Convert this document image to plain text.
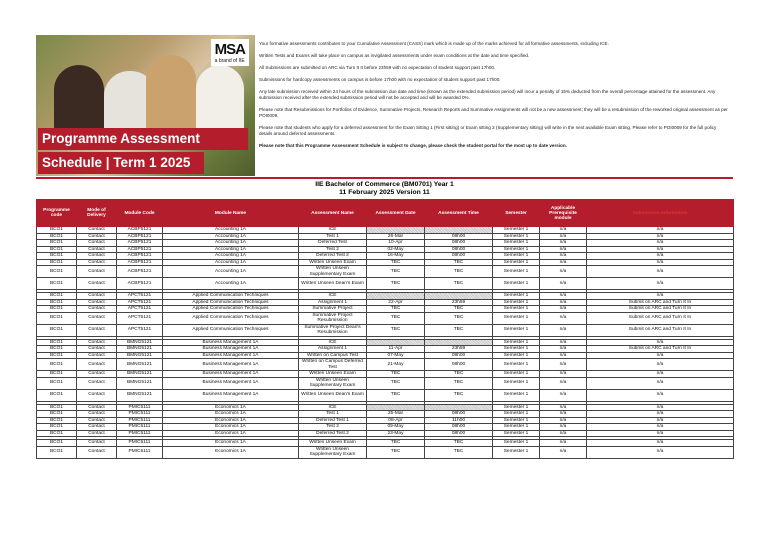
MSA
a brand of IIE
Programme Assessment
Schedule | Term 1 2025

Your formative assessments contributes to your Cumulative Assessment (CASS) mark which is made up of the marks achieved for all formative assessments, including ICE.

Written Tests and Exams will take place on campus as invigilated assessments under exam conditions at the date and time specified.

All Submissions are submitted on ARC via Turn It It before 23h59 with no expectation of student support past 17h00.

Submissions for hardcopy assessments on campus is before 17h00 with no expectation of student support past 17h00.

Any late submission received within 24 hours of the submission due date and time (known as the extended submission period) will incur a penalty of 15% deducted from the overall percentage attained for the assessment. Any submission received after the extended submission period will not be accepted and will be awarded 0%.

Please note that Resubmissions for Portfolios of Evidence, Summative Projects, Research Reports and Summative Assignments will not be a new assessment; they will be a resubmission of the reworked original assessment as per POI0009.

Please note that students who apply for a deferred assessment for the Exam Sitting 1 (First sitting) or Exam sitting 2 (Supplementary sitting) will write in the next available Exam sitting. Please refer to POI0009 for the full policy details around deferred assessments.

Please note that this Programme Assessment Schedule is subject to change, please check the student portal for the most up to date version.

IIE Bachelor of Commerce (BM0701) Year 1
11 February 2025 Version 11
Programme code	Mode of Delivery	Module Code	Module Name	Assessment Name	Assessment Date	Assessment Time	Semester	Applicable Prerequisite module	Submission Information
BCO1	Contact	ACBP5121	Accounting 1A	ICE			Semester 1	n/a	n/a
BCO1	Contact	ACBP5121	Accounting 1A	Test 1	26-Mar	08h00	Semester 1	n/a	n/a
BCO1	Contact	ACBP5121	Accounting 1A	Deferred Test	10-Apr	08h00	Semester 1	n/a	n/a
BCO1	Contact	ACBP5121	Accounting 1A	Test 2	02-May	08h00	Semester 1	n/a	n/a
BCO1	Contact	ACBP5121	Accounting 1A	Deferred Test 2	16-May	08h00	Semester 1	n/a	n/a
BCO1	Contact	ACBP5121	Accounting 1A	Written Unseen Exam	TBC	TBC	Semester 1	n/a	n/a
BCO1	Contact	ACBP5121	Accounting 1A	Written Unseen Supplementary Exam	TBC	TBC	Semester 1	n/a	n/a
BCO1	Contact	ACBP5121	Accounting 1A	Written Unseen Dean's Exam	TBC	TBC	Semester 1	n/a	n/a

BCO1	Contact	APCT5121	Applied Communication Techniques	ICE			Semester 1	n/a	n/a
BCO1	Contact	APCT5121	Applied Communication Techniques	Assignment 1	22-Apr	23h59	Semester 1	n/a	Submit on ARC and Turn It In
BCO1	Contact	APCT5121	Applied Communication Techniques	Summative Project	TBC	TBC	Semester 1	n/a	Submit on ARC and Turn It In
BCO1	Contact	APCT5121	Applied Communication Techniques	Summative Project Resubmission	TBC	TBC	Semester 1	n/a	Submit on ARC and Turn It In
BCO1	Contact	APCT5121	Applied Communication Techniques	Summative Project Dean's Resubmission	TBC	TBC	Semester 1	n/a	Submit on ARC and Turn It In

BCO1	Contact	BMNG5121	Business Management 1A	ICE			Semester 1	n/a	n/a
BCO1	Contact	BMNG5121	Business Management 1A	Assignment 1	11-Apr	23h59	Semester 1	n/a	Submit on ARC and Turn It In
BCO1	Contact	BMNG5121	Business Management 1A	Written on Campus Test	07-May	08h00	Semester 1	n/a	n/a
BCO1	Contact	BMNG5121	Business Management 1A	Written on Campus Deferred Test	21-May	08h00	Semester 1	n/a	n/a
BCO1	Contact	BMNG5121	Business Management 1A	Written Unseen Exam	TBC	TBC	Semester 1	n/a	n/a
BCO1	Contact	BMNG5121	Business Management 1A	Written Unseen Supplementary Exam	TBC	TBC	Semester 1	n/a	n/a
BCO1	Contact	BMNG5121	Business Management 1A	Written Unseen Dean's Exam	TBC	TBC	Semester 1	n/a	n/a

BCO1	Contact	PMIC5111	Economics 1A	ICE			Semester 1	n/a	n/a
BCO1	Contact	PMIC5111	Economics 1A	Test 1	25-Mar	08h00	Semester 1	n/a	n/a
BCO1	Contact	PMIC5111	Economics 1A	Deferred Test 1	08-Apr	11h00	Semester 1	n/a	n/a
BCO1	Contact	PMIC5111	Economics 1A	Test 2	09-May	08h00	Semester 1	n/a	n/a
BCO1	Contact	PMIC5111	Economics 1A	Deferred Test 2	23-May	08h00	Semester 1	n/a	n/a

BCO1	Contact	PMIC5111	Economics 1A	Written Unseen Exam	TBC	TBC	Semester 1	n/a	n/a
BCO1	Contact	PMIC5111	Economics 1A	Written Unseen Supplementary Exam	TBC	TBC	Semester 1	n/a	n/a
